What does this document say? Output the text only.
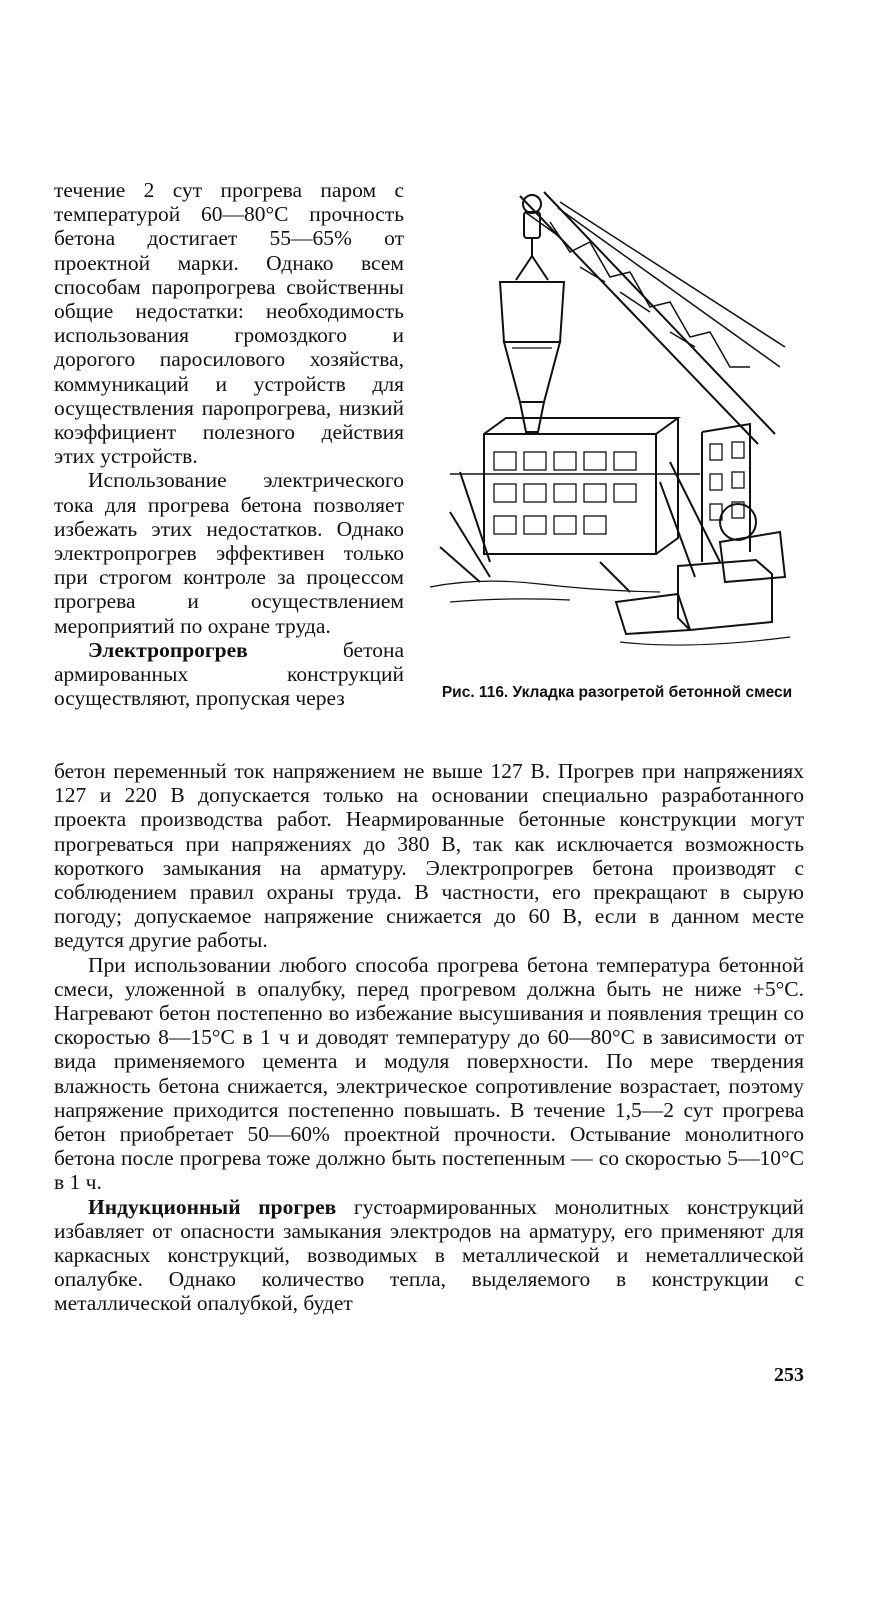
течение 2 сут прогрева паром с температурой 60—80°С прочность бетона достигает 55—65% от проектной марки. Однако всем способам паропрогрева свойственны общие недостатки: необходимость использования громоздкого и дорогого паросилового хозяйства, коммуникаций и устройств для осуществления паропрогрева, низкий коэффициент полезного действия этих устройств.

Использование электрического тока для прогрева бетона позволяет избежать этих недостатков. Однако электропрогрев эффективен только при строгом контроле за процессом прогрева и осуществлением мероприятий по охране труда.

Электропрогрев бетона армированных конструкций осуществляют, пропуская через	Рис. 116. Укладка разогретой бетонной смеси

бетон переменный ток напряжением не выше 127 В. Прогрев при напряжениях 127 и 220 В допускается только на основании специально разработанного проекта производства работ. Неармированные бетонные конструкции могут прогреваться при напряжениях до 380 В, так как исключается возможность короткого замыкания на арматуру. Электропрогрев бетона производят с соблюдением правил охраны труда. В частности, его прекращают в сырую погоду; допускаемое напряжение снижается до 60 В, если в данном месте ведутся другие работы.

При использовании любого способа прогрева бетона температура бетонной смеси, уложенной в опалубку, перед прогревом должна быть не ниже +5°С. Нагревают бетон постепенно во избежание высушивания и появления трещин со скоростью 8—15°С в 1 ч и доводят температуру до 60—80°С в зависимости от вида применяемого цемента и модуля поверхности. По мере твердения влажность бетона снижается, электрическое сопротивление возрастает, поэтому напряжение приходится постепенно повышать. В течение 1,5—2 сут прогрева бетон приобретает 50—60% проектной прочности. Остывание монолитного бетона после прогрева тоже должно быть постепенным — со скоростью 5—10°С в 1 ч.

Индукционный прогрев густоармированных монолитных конструкций избавляет от опасности замыкания электродов на арматуру, его применяют для каркасных конструкций, возводимых в металлической и неметаллической опалубке. Однако количество тепла, выделяемого в конструкции с металлической опалубкой, будет

253
